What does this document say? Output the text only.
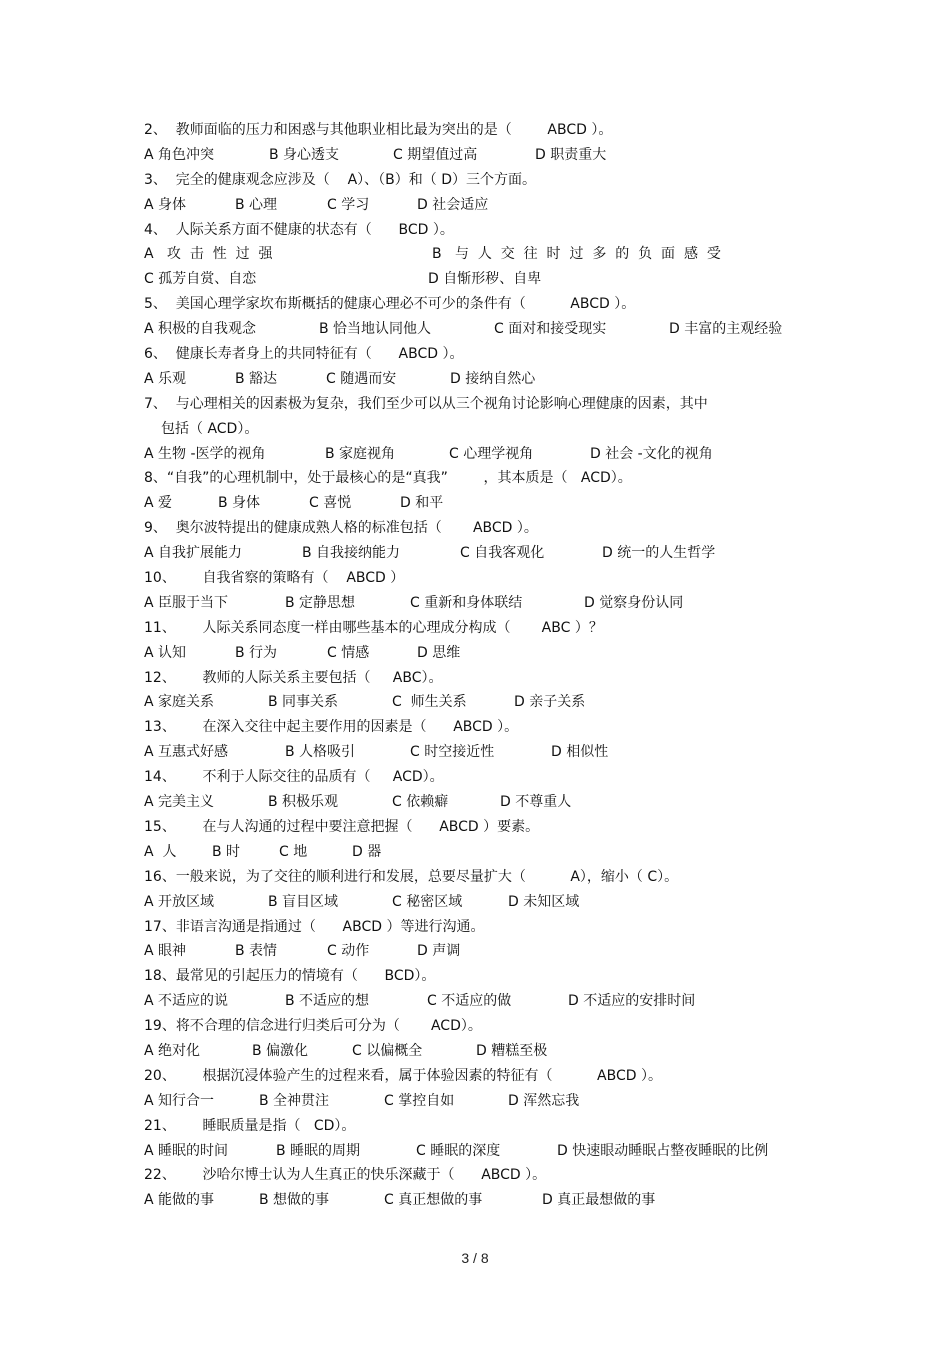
2、  教师面临的压力和困惑与其他职业相比最为突出的是（        ABCD ）。
A 角色冲突	B 身心透支	C 期望值过高	D 职责重大
3、  完全的健康观念应涉及（    A）、（B）和（ D）三个方面。
A 身体	B 心理	C 学习	D 社会适应
4、  人际关系方面不健康的状态有（      BCD ）。
A   攻  击  性  过  强	B   与  人  交  往  时  过  多  的  负  面  感  受
C 孤芳自赏、自恋	D 自惭形秽、自卑
5、  美国心理学家坎布斯概括的健康心理必不可少的条件有（          ABCD ）。
A 积极的自我观念	B 恰当地认同他人	C 面对和接受现实	D 丰富的主观经验
6、  健康长寿者身上的共同特征有（      ABCD ）。
A 乐观	B 豁达	C 随遇而安	D 接纳自然心
7、  与心理相关的因素极为复杂，我们至少可以从三个视角讨论影响心理健康的因素，其中
包括（ ACD）。
A 生物 -医学的视角	B 家庭视角	C 心理学视角	D 社会 -文化的视角
8、“自我”的心理机制中，处于最核心的是“真我”        ，其本质是（   ACD）。
A 爱	B 身体	C 喜悦	D 和平
9、  奥尔波特提出的健康成熟人格的标准包括（       ABCD ）。
A 自我扩展能力	B 自我接纳能力	C 自我客观化	D 统一的人生哲学
10、      自我省察的策略有（    ABCD ）
A 臣服于当下	B 定静思想	C 重新和身体联结	D 觉察身份认同
11、      人际关系同态度一样由哪些基本的心理成分构成（       ABC ）？
A 认知	B 行为	C 情感	D 思维
12、      教师的人际关系主要包括（     ABC）。
A 家庭关系	B 同事关系	C  师生关系	D 亲子关系
13、      在深入交往中起主要作用的因素是（      ABCD ）。
A 互惠式好感	B 人格吸引	C 时空接近性	D 相似性
14、      不利于人际交往的品质有（     ACD）。
A 完美主义	B 积极乐观	C 依赖癖	D 不尊重人
15、      在与人沟通的过程中要注意把握（      ABCD ）要素。
A  人	B 时	C 地	D 器
16、一般来说，为了交往的顺利进行和发展，总要尽量扩大（          A），缩小（ C）。
A 开放区域	B 盲目区域	C 秘密区域	D 未知区域
17、非语言沟通是指通过（      ABCD ）等进行沟通。
A 眼神	B 表情	C 动作	D 声调
18、最常见的引起压力的情境有（      BCD）。
A 不适应的说	B 不适应的想	C 不适应的做	D 不适应的安排时间
19、将不合理的信念进行归类后可分为（       ACD）。
A 绝对化	B 偏激化	C 以偏概全	D 糟糕至极
20、      根据沉浸体验产生的过程来看，属于体验因素的特征有（          ABCD ）。
A 知行合一	B 全神贯注	C 掌控自如	D 浑然忘我
21、      睡眠质量是指（   CD）。
A 睡眠的时间	B 睡眠的周期	C 睡眠的深度	D 快速眼动睡眠占整夜睡眠的比例
22、      沙哈尔博士认为人生真正的快乐深藏于（      ABCD ）。
A 能做的事	B 想做的事	C 真正想做的事	D 真正最想做的事
3 / 8
